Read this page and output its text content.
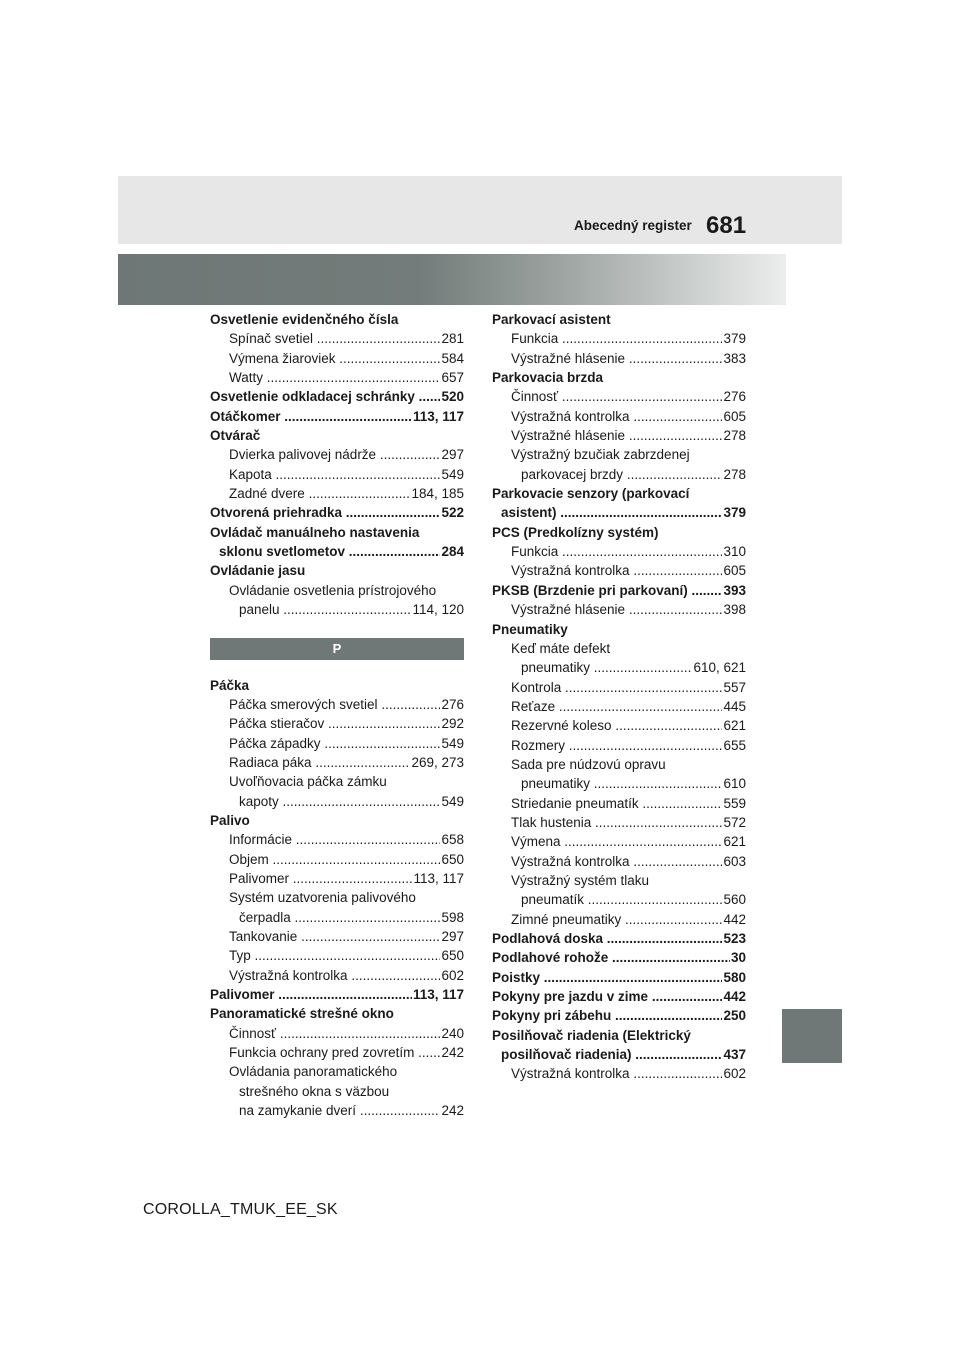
Abecedný register 681
Osvetlenie evidenčného čísla
Spínač svetiel	281
.....
Výmena žiaroviek	584
.....
Watty	657
.....
Osvetlenie odkladacej schránky 520
.....
Otáčkomer	113, 117
.....
Otvárač
Dvierka palivovej nádrže	297
.....
Kapota	549
.....
Zadné dvere	184, 185
.....
Otvorená priehradka	522
.....
Ovládač manuálneho nastavenia
sklonu svetlometov	284
.....
Ovládanie jasu
Ovládanie osvetlenia prístrojového
panelu	114, 120
.....
P
Páčka
Páčka smerových svetiel	276
.....
Páčka stieračov	292
.....
Páčka západky	549
.....
Radiaca páka	269, 273
.....
Uvoľňovacia páčka zámku
kapoty	549
.....
Palivo
Informácie	658
.....
Objem	650
.....
Palivomer	113, 117
.....
Systém uzatvorenia palivového
čerpadla	598
.....
Tankovanie	297
.....
Typ	650
.....
Výstražná kontrolka	602
.....
Palivomer	113, 117
.....
Panoramatické strešné okno
Činnosť	240
.....
Funkcia ochrany pred zovretím 242
.....
Ovládania panoramatického
strešného okna s väzbou
na zamykanie dverí	242
.....
Parkovací asistent
Funkcia	379
.....
Výstražné hlásenie	383
.....
Parkovacia brzda
Činnosť	276
.....
Výstražná kontrolka	605
.....
Výstražné hlásenie	278
.....
Výstražný bzučiak zabrzdenej
parkovacej brzdy	278
.....
Parkovacie senzory (parkovací
asistent)	379
.....
PCS (Predkolízny systém)
Funkcia	310
.....
Výstražná kontrolka	605
.....
PKSB (Brzdenie pri parkovaní)	393
.....
Výstražné hlásenie	398
.....
Pneumatiky
Keď máte defekt
pneumatiky	610, 621
.....
Kontrola	557
.....
Reťaze	445
.....
Rezervné koleso	621
.....
Rozmery	655
.....
Sada pre núdzovú opravu
pneumatiky	610
.....
Striedanie pneumatík	559
.....
Tlak hustenia	572
.....
Výmena	621
.....
Výstražná kontrolka	603
.....
Výstražný systém tlaku
pneumatík	560
.....
Zimné pneumatiky	442
.....
Podlahová doska	523
.....
Podlahové rohože	30
.....
Poistky	580
.....
Pokyny pre jazdu v zime	442
.....
Pokyny pri zábehu	250
.....
Posilňovač riadenia (Elektrický
posilňovač riadenia)	437
.....
Výstražná kontrolka	602
.....
COROLLA_TMUK_EE_SK
